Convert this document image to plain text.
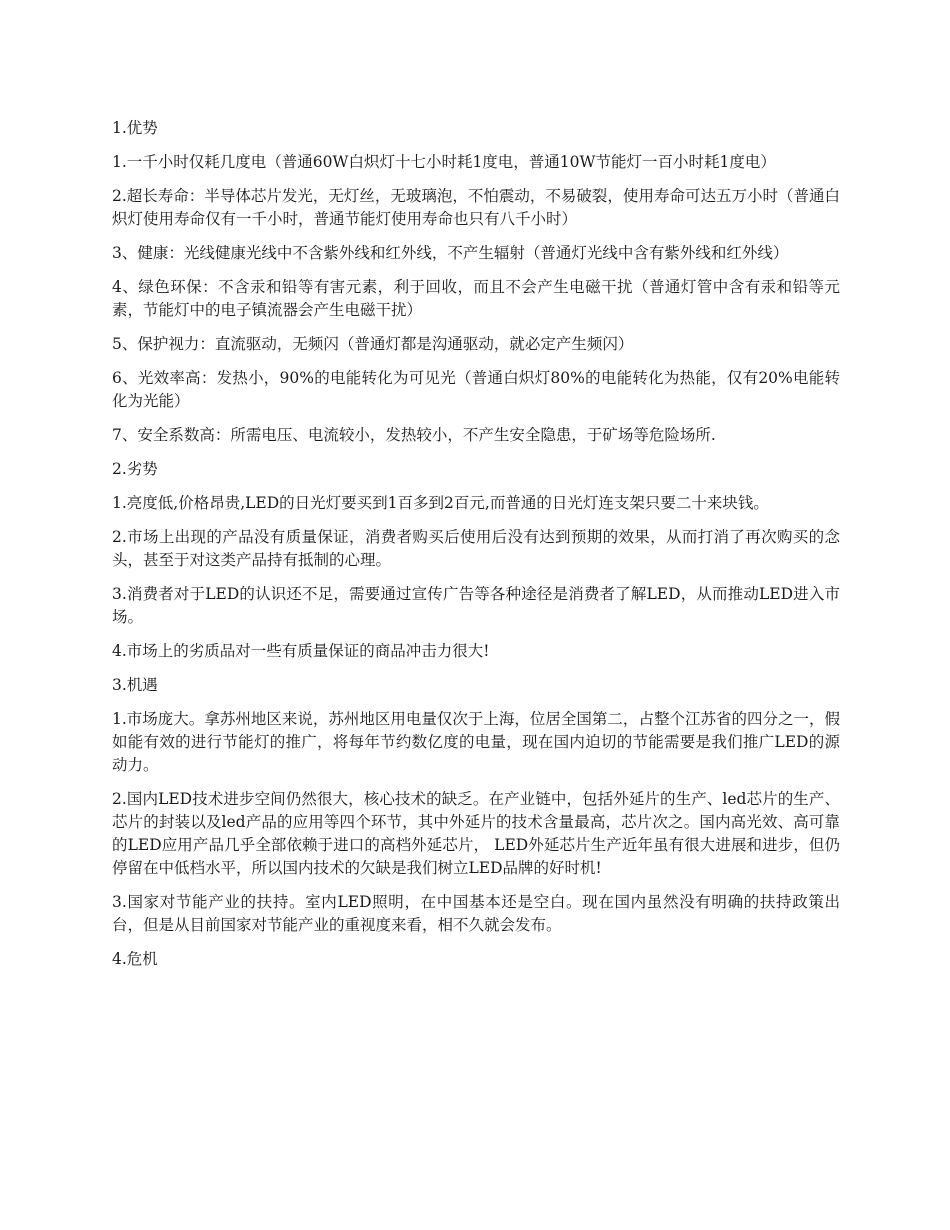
1.优势

1.一千小时仅耗几度电（普通60W白炽灯十七小时耗1度电，普通10W节能灯一百小时耗1度电）

2.超长寿命：半导体芯片发光，无灯丝，无玻璃泡，不怕震动，不易破裂，使用寿命可达五万小时（普通白炽灯使用寿命仅有一千小时，普通节能灯使用寿命也只有八千小时）

3、健康：光线健康光线中不含紫外线和红外线，不产生辐射（普通灯光线中含有紫外线和红外线）

4、绿色环保：不含汞和铅等有害元素，利于回收，而且不会产生电磁干扰（普通灯管中含有汞和铅等元素，节能灯中的电子镇流器会产生电磁干扰）

5、保护视力：直流驱动，无频闪（普通灯都是沟通驱动，就必定产生频闪）

6、光效率高：发热小，90%的电能转化为可见光（普通白炽灯80%的电能转化为热能，仅有20%电能转化为光能）

7、安全系数高：所需电压、电流较小，发热较小，不产生安全隐患，于矿场等危险场所.

2.劣势

1.亮度低,价格昂贵,LED的日光灯要买到1百多到2百元,而普通的日光灯连支架只要二十来块钱。

2.市场上出现的产品没有质量保证，消费者购买后使用后没有达到预期的效果，从而打消了再次购买的念头，甚至于对这类产品持有抵制的心理。

3.消费者对于LED的认识还不足，需要通过宣传广告等各种途径是消费者了解LED，从而推动LED进入市场。

4.市场上的劣质品对一些有质量保证的商品冲击力很大!

3.机遇

1.市场庞大。拿苏州地区来说，苏州地区用电量仅次于上海，位居全国第二，占整个江苏省的四分之一，假如能有效的进行节能灯的推广，将每年节约数亿度的电量，现在国内迫切的节能需要是我们推广LED的源动力。

2.国内LED技术进步空间仍然很大，核心技术的缺乏。在产业链中，包括外延片的生产、led芯片的生产、芯片的封装以及led产品的应用等四个环节，其中外延片的技术含量最高，芯片次之。国内高光效、高可靠的LED应用产品几乎全部依赖于进口的高档外延芯片， LED外延芯片生产近年虽有很大进展和进步，但仍停留在中低档水平，所以国内技术的欠缺是我们树立LED品牌的好时机!

3.国家对节能产业的扶持。室内LED照明，在中国基本还是空白。现在国内虽然没有明确的扶持政策出台，但是从目前国家对节能产业的重视度来看，相不久就会发布。

4.危机
